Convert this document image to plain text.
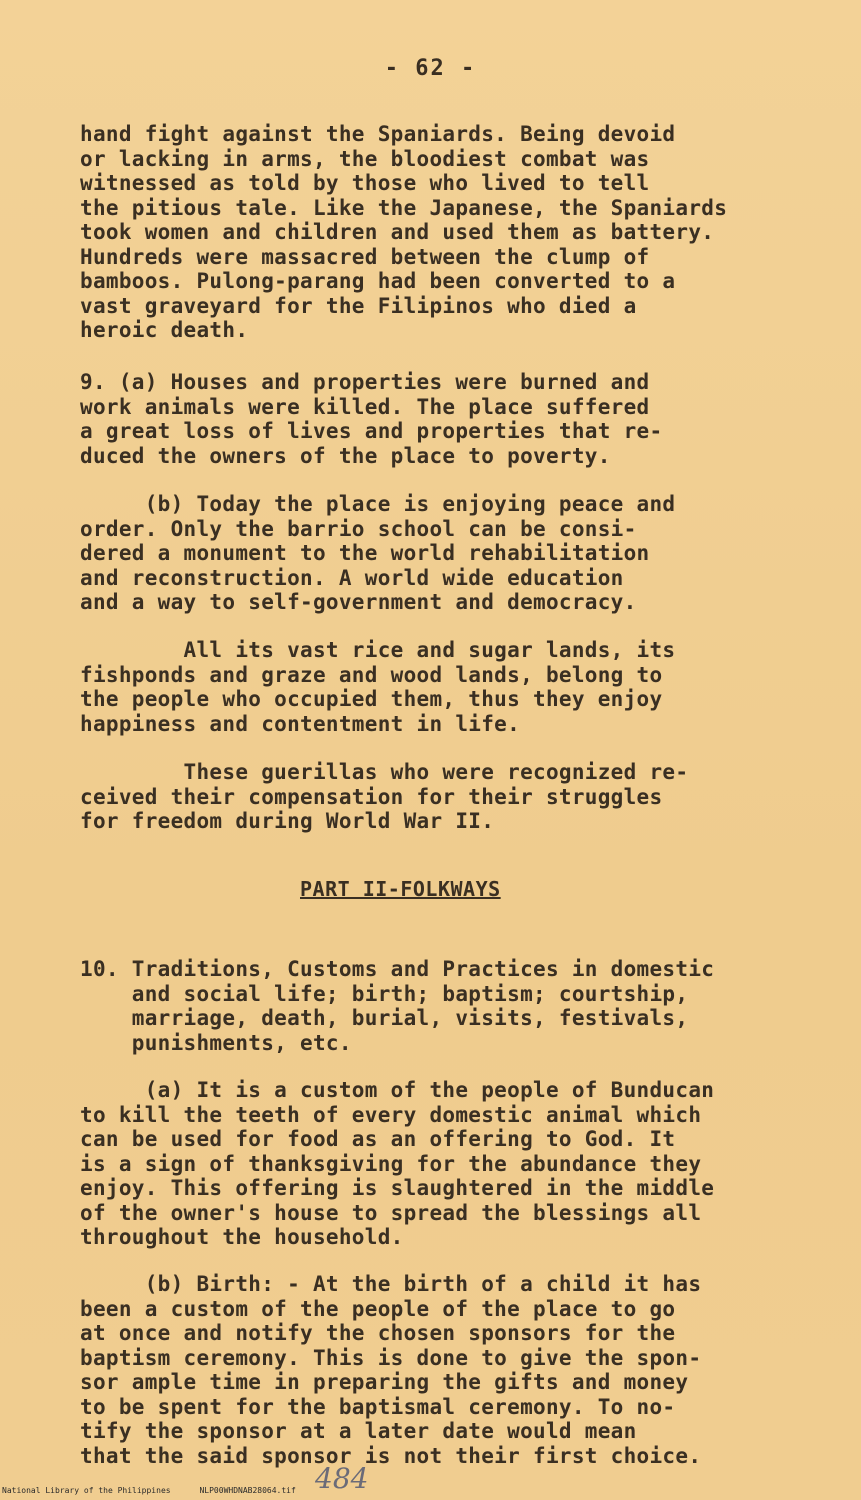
- 62 -
hand fight against the Spaniards. Being devoid
or lacking in arms, the bloodiest combat was
witnessed as told by those who lived to tell
the pitious tale. Like the Japanese, the Spaniards
took women and children and used them as battery.
Hundreds were massacred between the clump of
bamboos. Pulong-parang had been converted to a
vast graveyard for the Filipinos who died a
heroic death.
9. (a) Houses and properties were burned and
work animals were killed. The place suffered
a great loss of lives and properties that re-
duced the owners of the place to poverty.
(b) Today the place is enjoying peace and
order. Only the barrio school can be consi-
dered a monument to the world rehabilitation
and reconstruction. A world wide education
and a way to self-government and democracy.
All its vast rice and sugar lands, its
fishponds and graze and wood lands, belong to
the people who occupied them, thus they enjoy
happiness and contentment in life.
These guerillas who were recognized re-
ceived their compensation for their struggles
for freedom during World War II.
PART II-FOLKWAYS
10. Traditions, Customs and Practices in domestic
and social life; birth; baptism; courtship,
marriage, death, burial, visits, festivals,
punishments, etc.
(a) It is a custom of the people of Bunducan
to kill the teeth of every domestic animal which
can be used for food as an offering to God. It
is a sign of thanksgiving for the abundance they
enjoy. This offering is slaughtered in the middle
of the owner's house to spread the blessings all
throughout the household.
(b) Birth: - At the birth of a child it has
been a custom of the people of the place to go
at once and notify the chosen sponsors for the
baptism ceremony. This is done to give the spon-
sor ample time in preparing the gifts and money
to be spent for the baptismal ceremony. To no-
tify the sponsor at a later date would mean
that the said sponsor is not their first choice.
National Library of the Philippines	NLP00WHDNAB28064.tif 484
